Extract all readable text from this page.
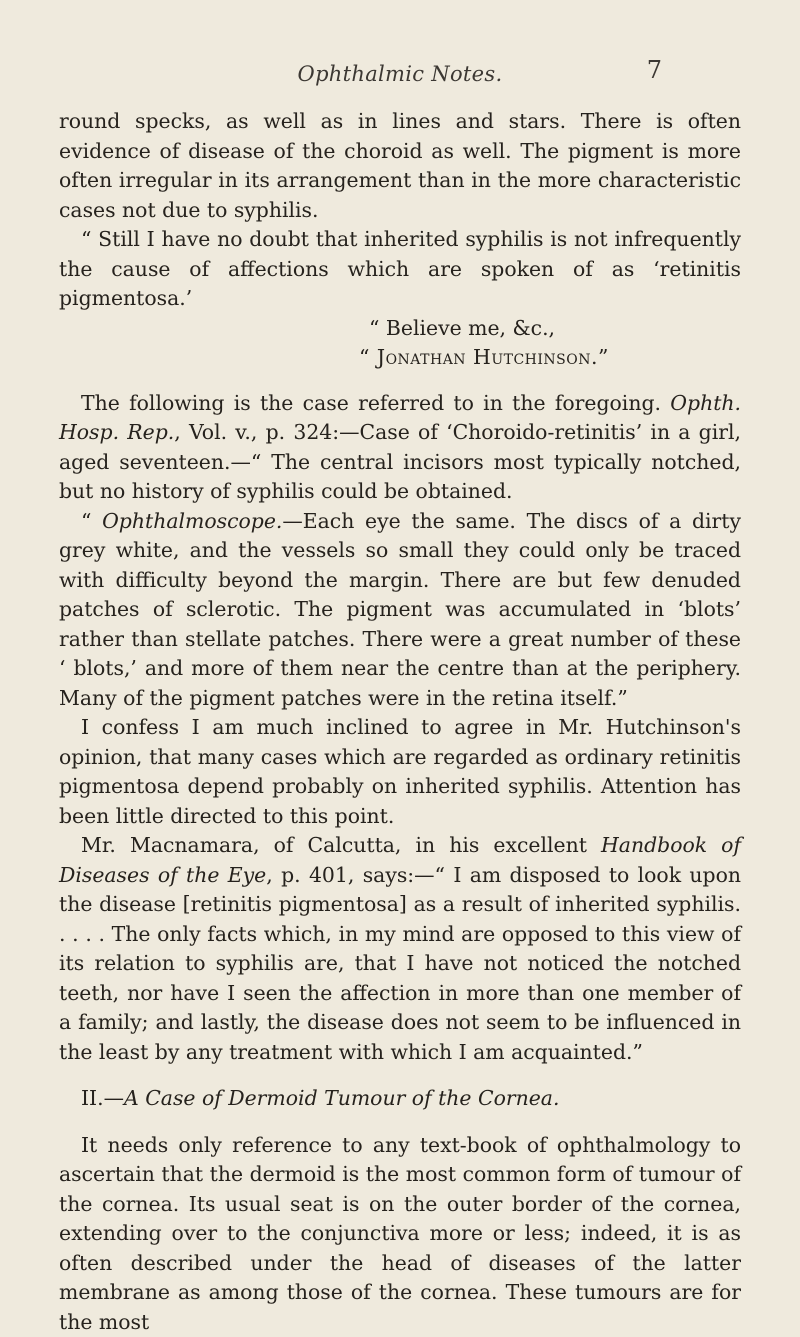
Ophthalmic Notes.	7

round specks, as well as in lines and stars. There is often evidence of disease of the choroid as well. The pigment is more often irregular in its arrangement than in the more characteristic cases not due to syphilis.

“ Still I have no doubt that inherited syphilis is not infrequently the cause of affections which are spoken of as ‘retinitis pigmentosa.’

“ Believe me, &c.,

“ Jonathan Hutchinson.”

The following is the case referred to in the foregoing. Ophth. Hosp. Rep., Vol. v., p. 324:—Case of ‘Choroido-retinitis’ in a girl, aged seventeen.—“ The central incisors most typically notched, but no history of syphilis could be obtained.

“ Ophthalmoscope.—Each eye the same. The discs of a dirty grey white, and the vessels so small they could only be traced with difficulty beyond the margin. There are but few denuded patches of sclerotic. The pigment was accumulated in ‘blots’ rather than stellate patches. There were a great number of these ‘ blots,’ and more of them near the centre than at the periphery. Many of the pigment patches were in the retina itself.”

I confess I am much inclined to agree in Mr. Hutchinson's opinion, that many cases which are regarded as ordinary retinitis pigmentosa depend probably on inherited syphilis. Attention has been little directed to this point.

Mr. Macnamara, of Calcutta, in his excellent Handbook of Diseases of the Eye, p. 401, says:—“ I am disposed to look upon the disease [retinitis pigmentosa] as a result of inherited syphilis. . . . . The only facts which, in my mind are opposed to this view of its relation to syphilis are, that I have not noticed the notched teeth, nor have I seen the affection in more than one member of a family; and lastly, the disease does not seem to be influenced in the least by any treatment with which I am acquainted.”

II.—A Case of Dermoid Tumour of the Cornea.

It needs only reference to any text-book of ophthalmology to ascertain that the dermoid is the most common form of tumour of the cornea. Its usual seat is on the outer border of the cornea, extending over to the conjunctiva more or less; indeed, it is as often described under the head of diseases of the latter membrane as among those of the cornea. These tumours are for the most
